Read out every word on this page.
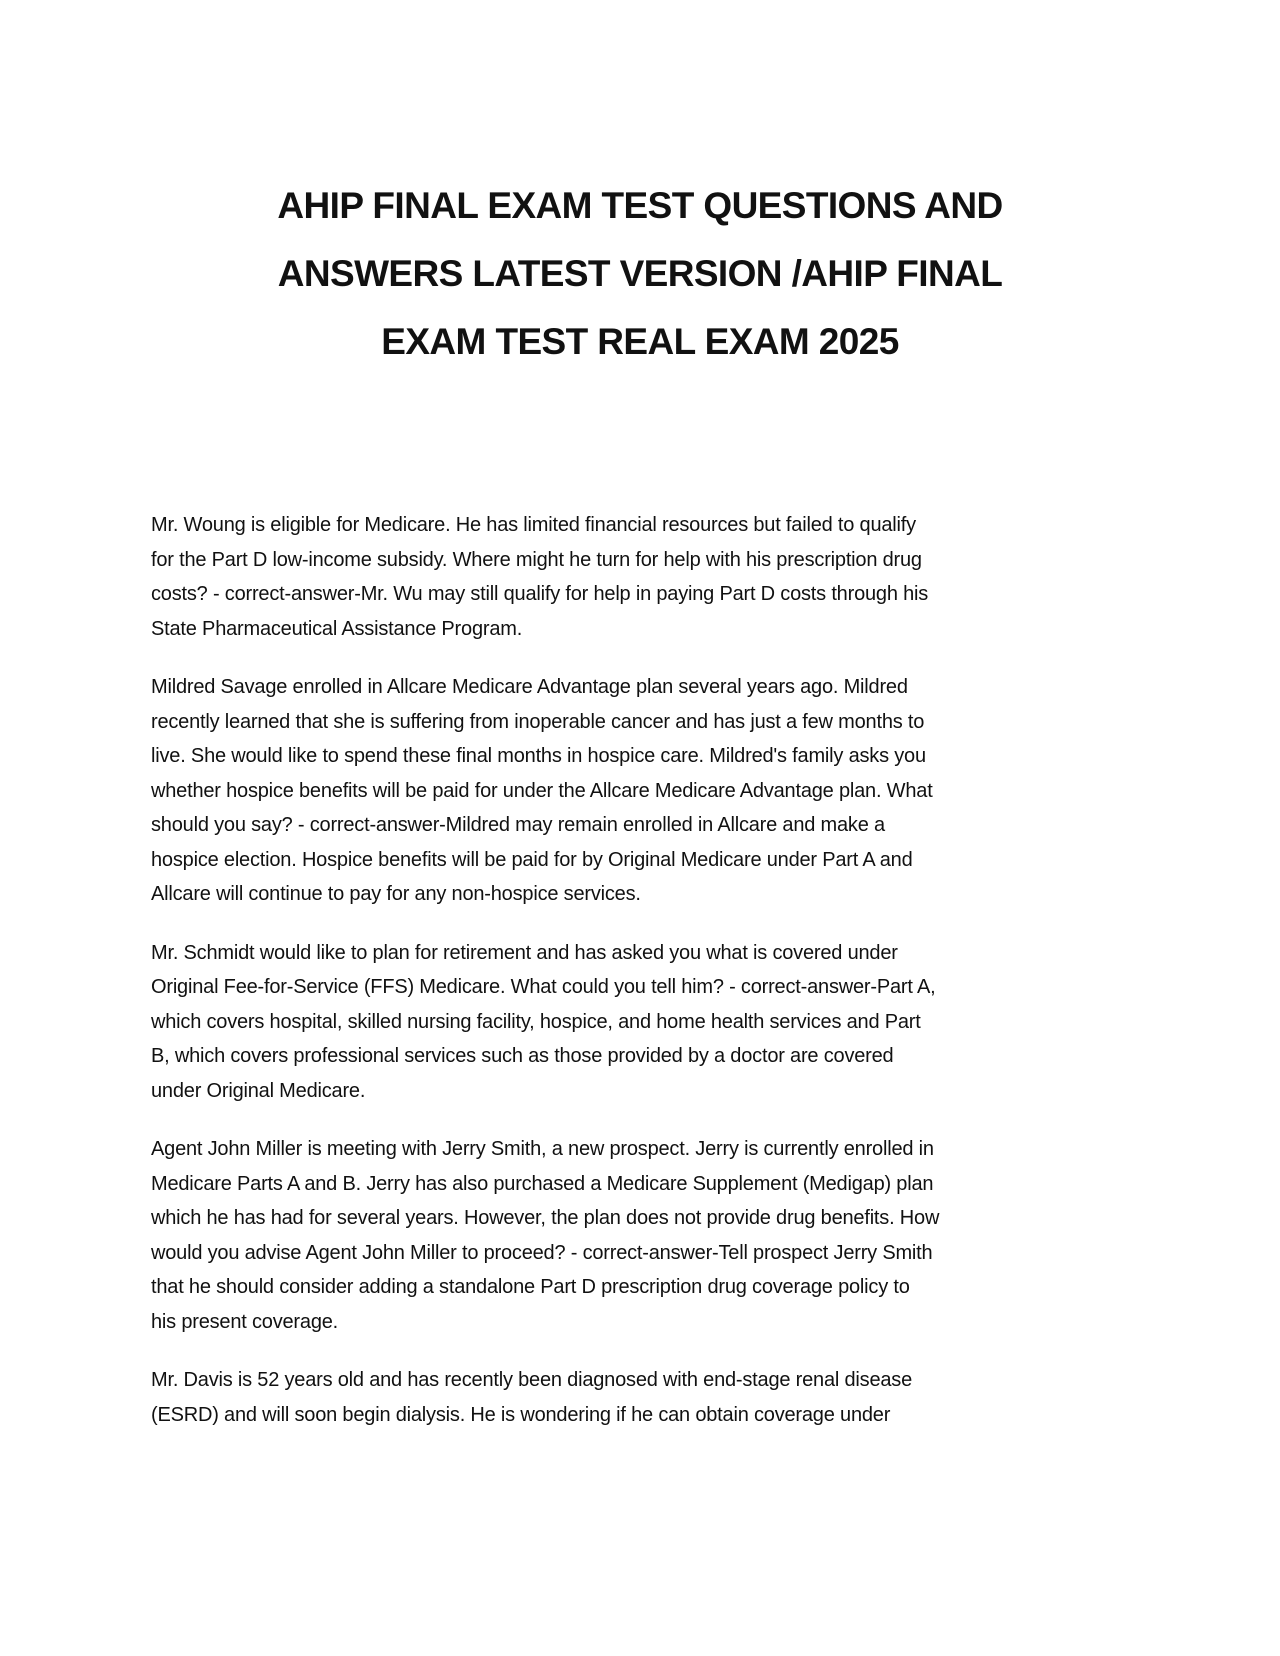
AHIP FINAL EXAM TEST QUESTIONS AND
ANSWERS LATEST VERSION /AHIP FINAL
EXAM TEST REAL EXAM 2025
Mr. Woung is eligible for Medicare. He has limited financial resources but failed to qualify
for the Part D low-income subsidy. Where might he turn for help with his prescription drug
costs? - correct-answer-Mr. Wu may still qualify for help in paying Part D costs through his
State Pharmaceutical Assistance Program.
Mildred Savage enrolled in Allcare Medicare Advantage plan several years ago. Mildred
recently learned that she is suffering from inoperable cancer and has just a few months to
live. She would like to spend these final months in hospice care. Mildred's family asks you
whether hospice benefits will be paid for under the Allcare Medicare Advantage plan. What
should you say? - correct-answer-Mildred may remain enrolled in Allcare and make a
hospice election. Hospice benefits will be paid for by Original Medicare under Part A and
Allcare will continue to pay for any non-hospice services.
Mr. Schmidt would like to plan for retirement and has asked you what is covered under
Original Fee-for-Service (FFS) Medicare. What could you tell him? - correct-answer-Part A,
which covers hospital, skilled nursing facility, hospice, and home health services and Part
B, which covers professional services such as those provided by a doctor are covered
under Original Medicare.
Agent John Miller is meeting with Jerry Smith, a new prospect. Jerry is currently enrolled in
Medicare Parts A and B. Jerry has also purchased a Medicare Supplement (Medigap) plan
which he has had for several years. However, the plan does not provide drug benefits. How
would you advise Agent John Miller to proceed? - correct-answer-Tell prospect Jerry Smith
that he should consider adding a standalone Part D prescription drug coverage policy to
his present coverage.
Mr. Davis is 52 years old and has recently been diagnosed with end-stage renal disease
(ESRD) and will soon begin dialysis. He is wondering if he can obtain coverage under
